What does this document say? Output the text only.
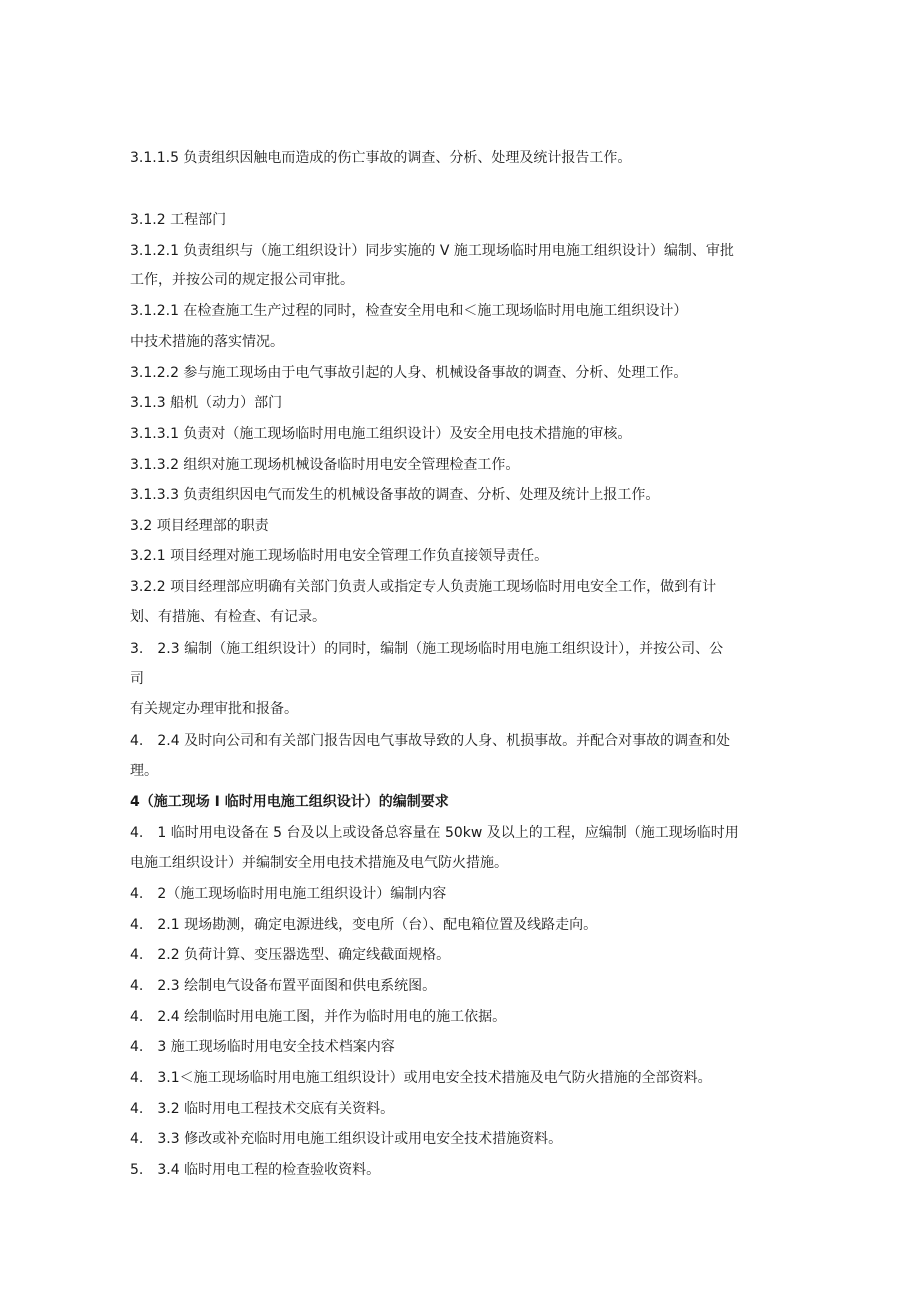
3.1.1.5 负责组织因触电而造成的伤亡事故的调查、分析、处理及统计报告工作。
3.1.2 工程部门
3.1.2.1 负责组织与（施工组织设计）同步实施的 V 施工现场临时用电施工组织设计）编制、审批
工作，并按公司的规定报公司审批。
3.1.2.1 在检查施工生产过程的同时，检查安全用电和＜施工现场临时用电施工组织设计）
中技术措施的落实情况。
3.1.2.2 参与施工现场由于电气事故引起的人身、机械设备事故的调查、分析、处理工作。
3.1.3 船机（动力）部门
3.1.3.1 负责对（施工现场临时用电施工组织设计）及安全用电技术措施的审核。
3.1.3.2 组织对施工现场机械设备临时用电安全管理检查工作。
3.1.3.3 负责组织因电气而发生的机械设备事故的调查、分析、处理及统计上报工作。
3.2 项目经理部的职责
3.2.1 项目经理对施工现场临时用电安全管理工作负直接领导责任。
3.2.2 项目经理部应明确有关部门负责人或指定专人负责施工现场临时用电安全工作，做到有计
划、有措施、有检查、有记录。
3.　2.3 编制（施工组织设计）的同时，编制（施工现场临时用电施工组织设计），并按公司、公
司
有关规定办理审批和报备。
4.　2.4 及时向公司和有关部门报告因电气事故导致的人身、机损事故。并配合对事故的调查和处
理。
4（施工现场 I 临时用电施工组织设计）的编制要求
4.　1 临时用电设备在 5 台及以上或设备总容量在 50kw 及以上的工程，应编制（施工现场临时用
电施工组织设计）并编制安全用电技术措施及电气防火措施。
4.　2（施工现场临时用电施工组织设计）编制内容
4.　2.1 现场勘测，确定电源进线，变电所（台）、配电箱位置及线路走向。
4.　2.2 负荷计算、变压器选型、确定线截面规格。
4.　2.3 绘制电气设备布置平面图和供电系统图。
4.　2.4 绘制临时用电施工图，并作为临时用电的施工依据。
4.　3 施工现场临时用电安全技术档案内容
4.　3.1＜施工现场临时用电施工组织设计）或用电安全技术措施及电气防火措施的全部资料。
4.　3.2 临时用电工程技术交底有关资料。
4.　3.3 修改或补充临时用电施工组织设计或用电安全技术措施资料。
5.　3.4 临时用电工程的检查验收资料。
